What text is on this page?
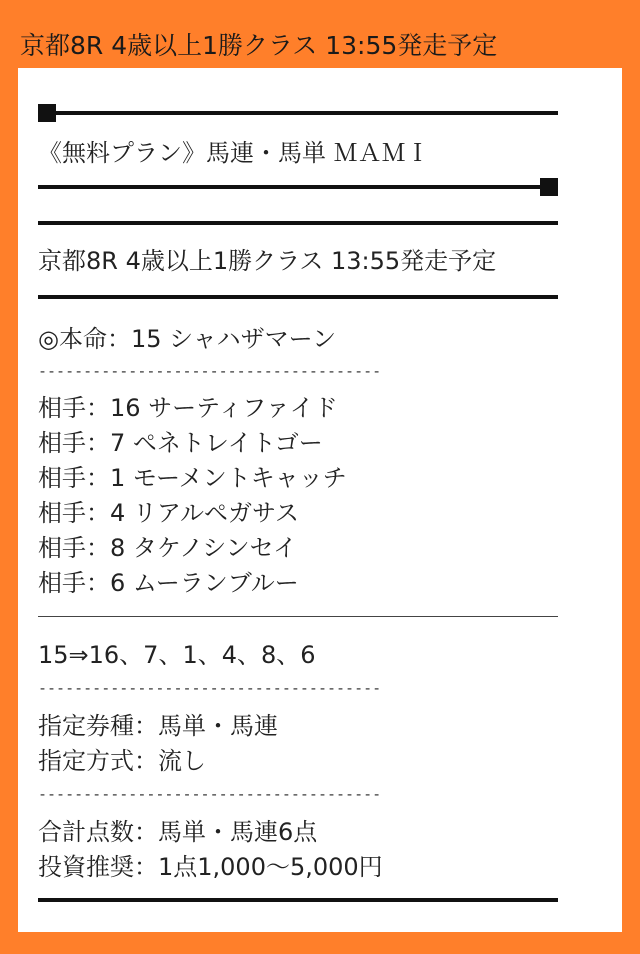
京都8R 4歳以上1勝クラス 13:55発走予定
《無料プラン》馬連・馬単 ＭＡＭＩ
京都8R 4歳以上1勝クラス 13:55発走予定
◎本命：15 シャハザマーン
--------------------------------------
相手：16 サーティファイド
相手：7 ペネトレイトゴー
相手：1 モーメントキャッチ
相手：4 リアルペガサス
相手：8 タケノシンセイ
相手：6 ムーランブルー
15⇒16、7、1、4、8、6
--------------------------------------
指定券種：馬単・馬連
指定方式：流し
--------------------------------------
合計点数：馬単・馬連6点
投資推奨：1点1,000〜5,000円
